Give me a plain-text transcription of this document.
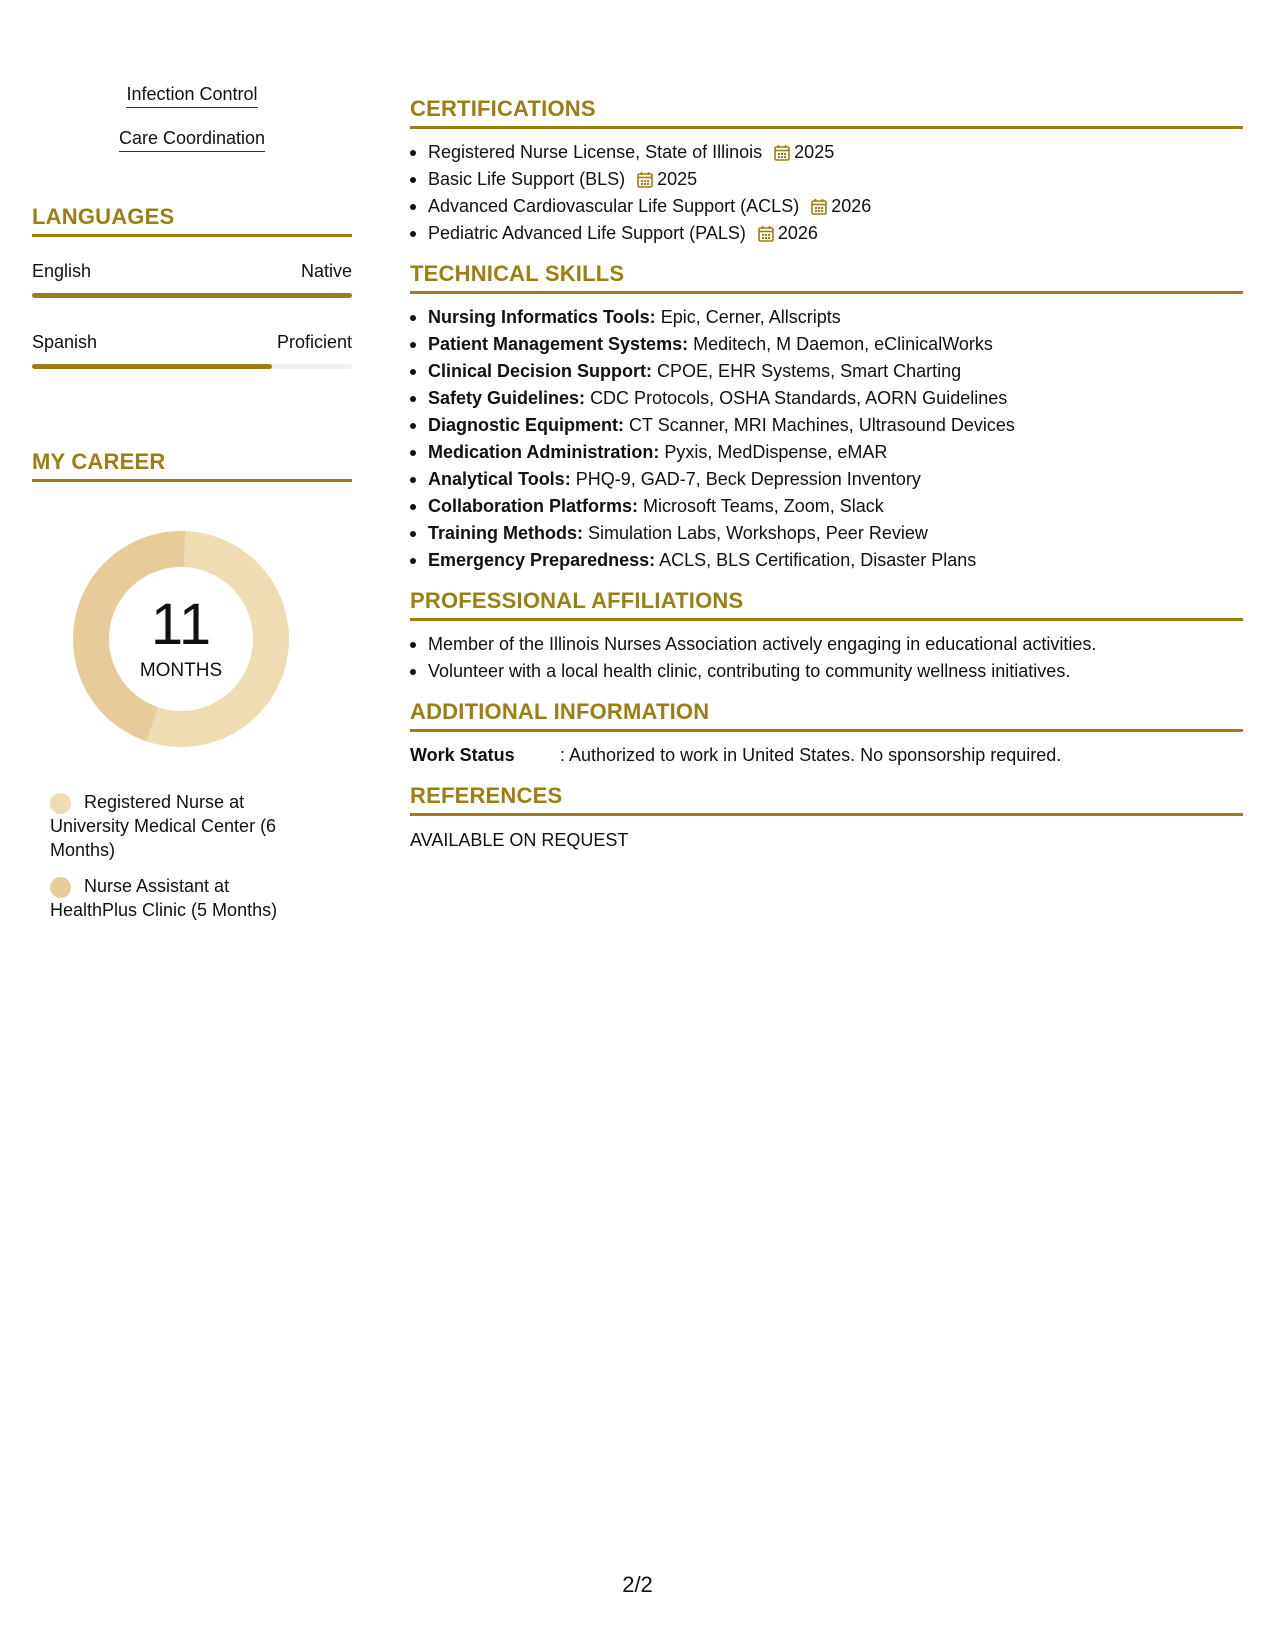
Infection Control
Care Coordination
LANGUAGES
English	Native
Spanish	Proficient
MY CAREER
11
MONTHS
Registered Nurse at University Medical Center (6 Months)
Nurse Assistant at HealthPlus Clinic (5 Months)
CERTIFICATIONS
Registered Nurse License, State of Illinois 2025
Basic Life Support (BLS) 2025
Advanced Cardiovascular Life Support (ACLS) 2026
Pediatric Advanced Life Support (PALS) 2026
TECHNICAL SKILLS
Nursing Informatics Tools: Epic, Cerner, Allscripts
Patient Management Systems: Meditech, M Daemon, eClinicalWorks
Clinical Decision Support: CPOE, EHR Systems, Smart Charting
Safety Guidelines: CDC Protocols, OSHA Standards, AORN Guidelines
Diagnostic Equipment: CT Scanner, MRI Machines, Ultrasound Devices
Medication Administration: Pyxis, MedDispense, eMAR
Analytical Tools: PHQ-9, GAD-7, Beck Depression Inventory
Collaboration Platforms: Microsoft Teams, Zoom, Slack
Training Methods: Simulation Labs, Workshops, Peer Review
Emergency Preparedness: ACLS, BLS Certification, Disaster Plans
PROFESSIONAL AFFILIATIONS
Member of the Illinois Nurses Association actively engaging in educational activities.
Volunteer with a local health clinic, contributing to community wellness initiatives.
ADDITIONAL INFORMATION
Work Status	: Authorized to work in United States. No sponsorship required.
REFERENCES
AVAILABLE ON REQUEST
2/2
